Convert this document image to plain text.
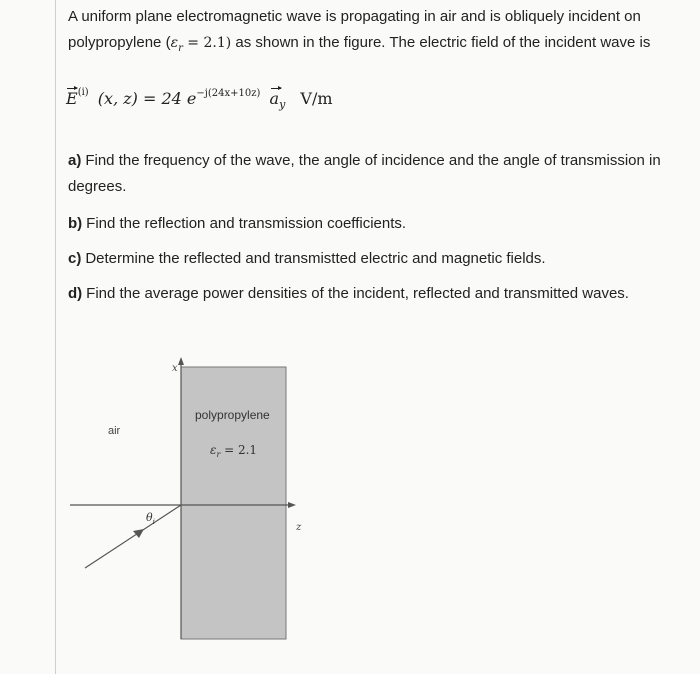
A uniform plane electromagnetic wave is propagating in air and is obliquely incident on polypropylene $(\varepsilon_r = 2.1)$ as shown in the figure. The electric field of the incident wave is
$E^{(i)}$ (x, z) = 24 $e^{-j(24x+10z)}$ $a_y$ V/m
a) Find the frequency of the wave, the angle of incidence and the angle of transmission in degrees.
b) Find the reflection and transmission coefficients.
c) Determine the reflected and transmistted electric and magnetic fields.
d) Find the average power densities of the incident, reflected and transmitted waves.
x
z
air
polypropylene
$\varepsilon_r = 2.1$
$\theta_i$
